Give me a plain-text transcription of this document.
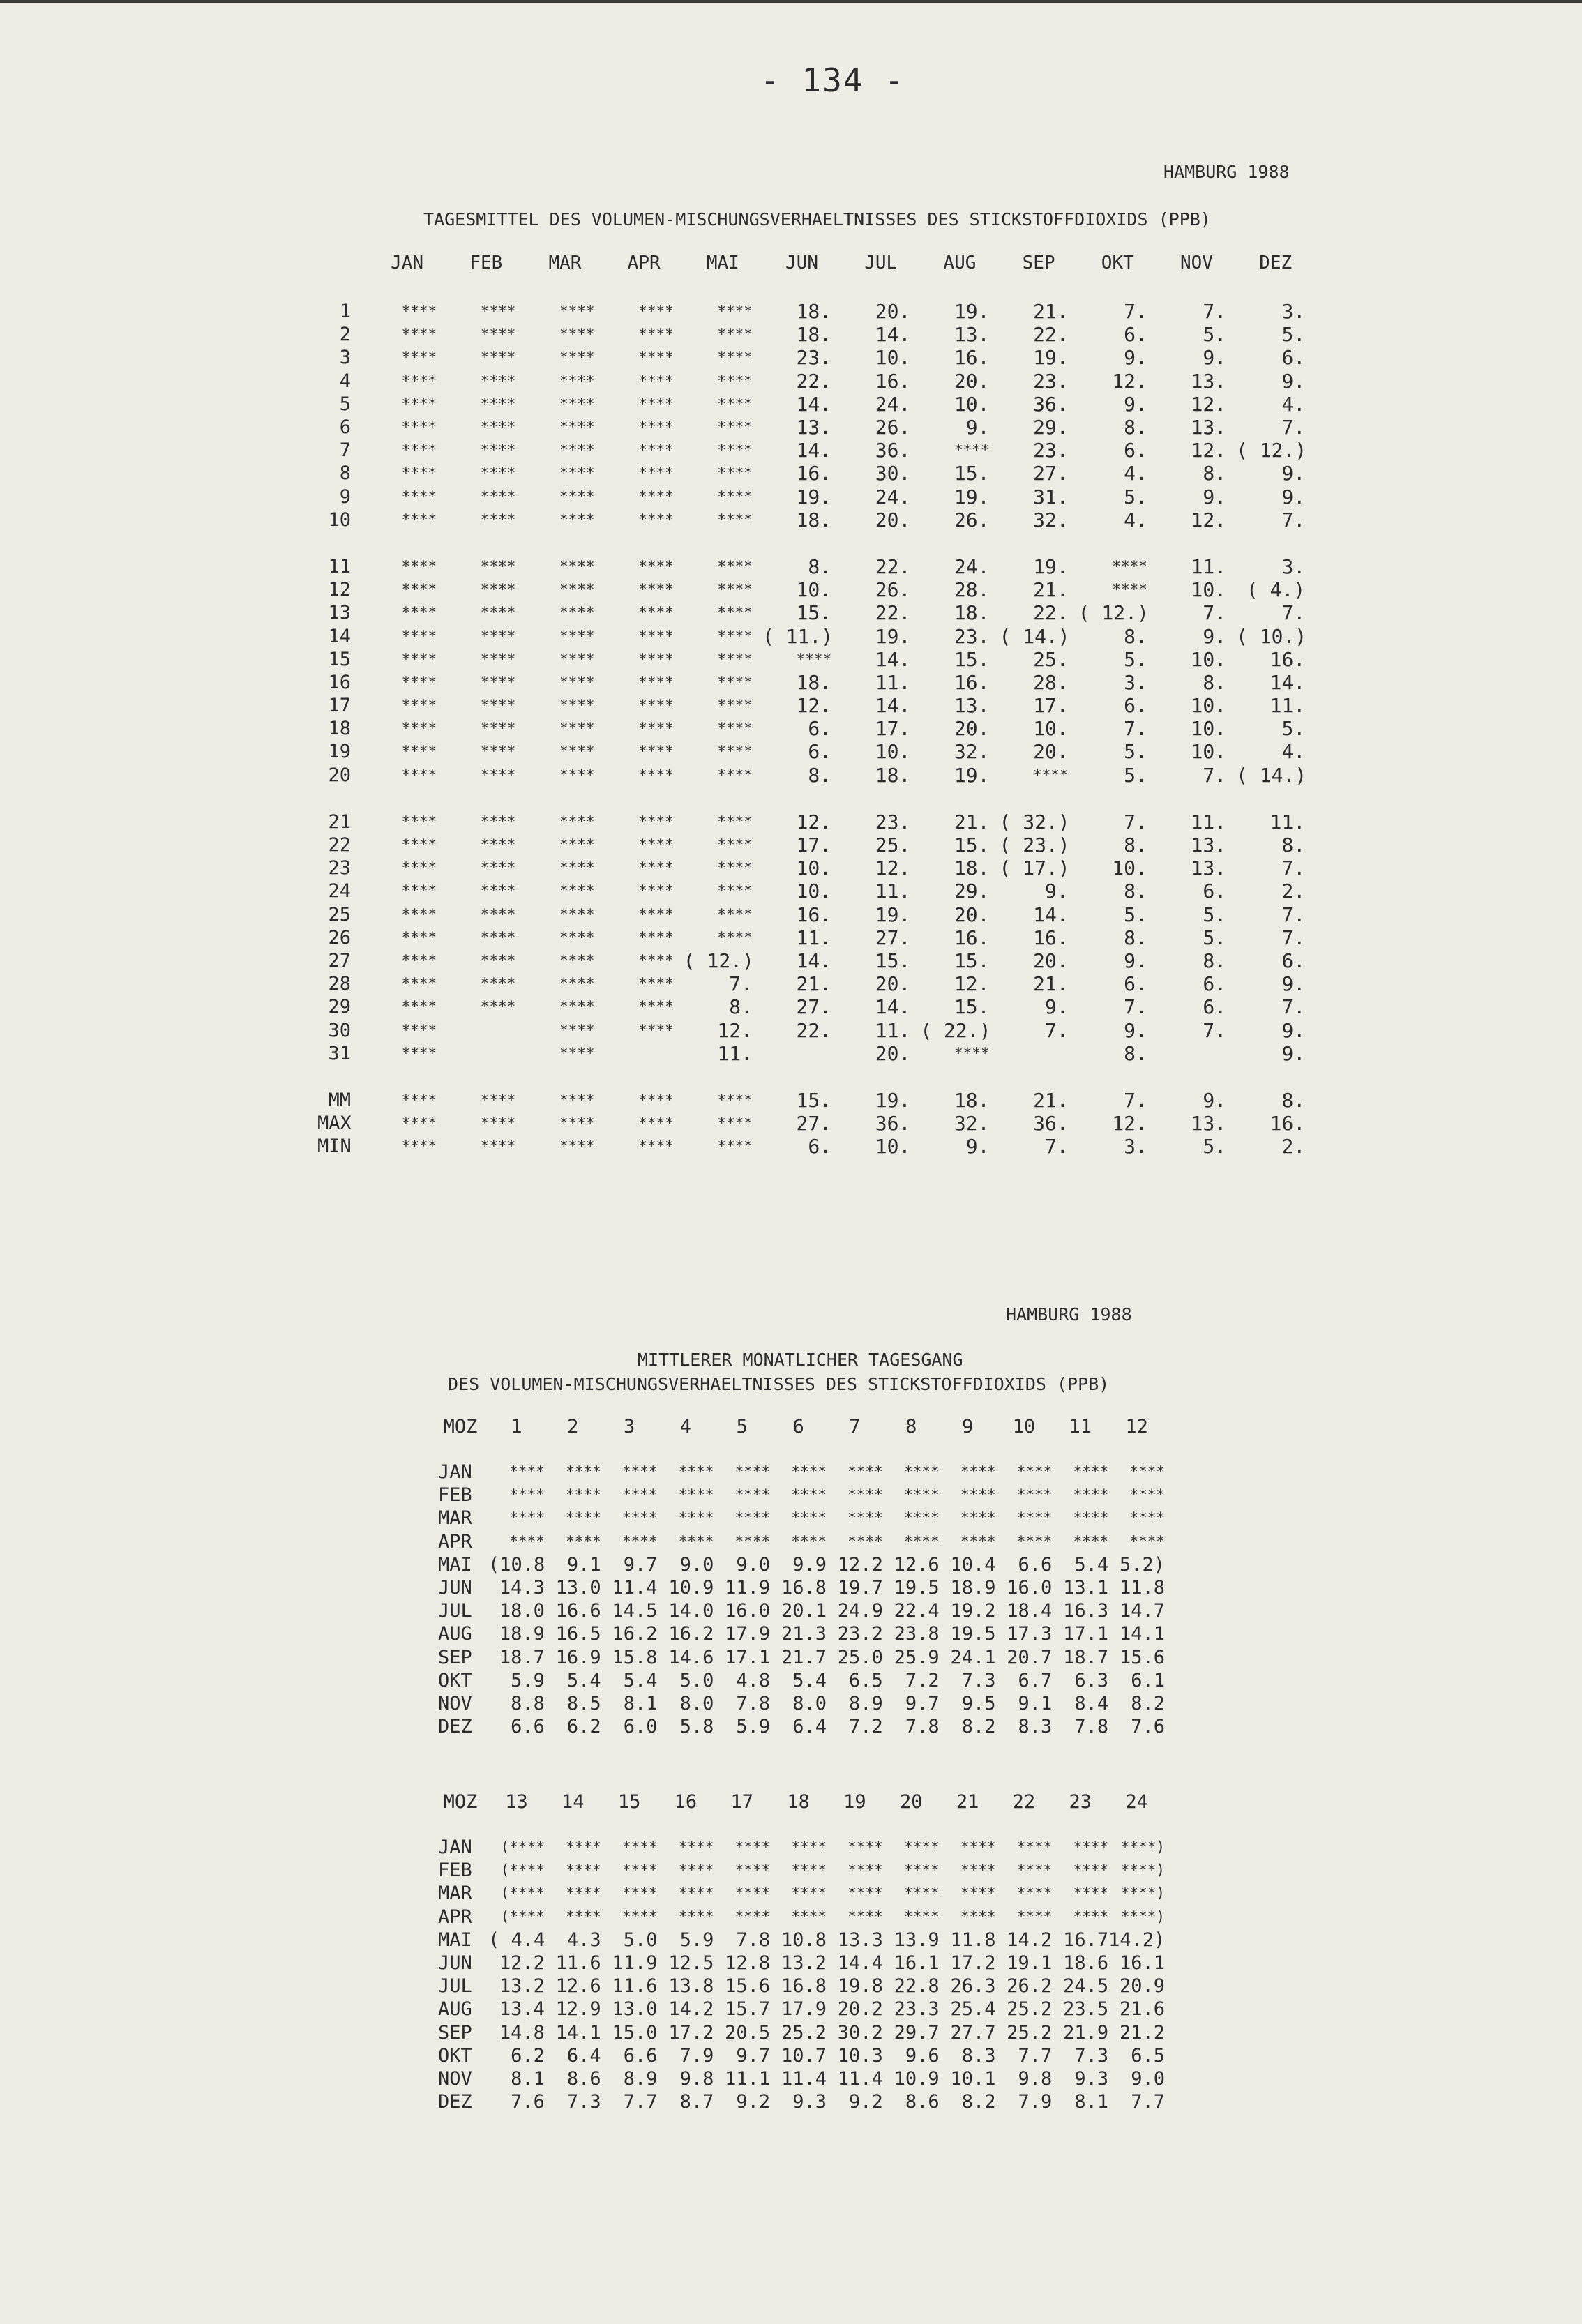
- 134 -
HAMBURG 1988
TAGESMITTEL DES VOLUMEN-MISCHUNGSVERHAELTNISSES DES STICKSTOFFDIOXIDS (PPB)
	JAN	FEB	MAR	APR	MAI	JUN	JUL	AUG	SEP	OKT	NOV	DEZ
1	****	****	****	****	****	18.	20.	19.	21.	7.	7.	3.
2	****	****	****	****	****	18.	14.	13.	22.	6.	5.	5.
3	****	****	****	****	****	23.	10.	16.	19.	9.	9.	6.
4	****	****	****	****	****	22.	16.	20.	23.	12.	13.	9.
5	****	****	****	****	****	14.	24.	10.	36.	9.	12.	4.
6	****	****	****	****	****	13.	26.	9.	29.	8.	13.	7.
7	****	****	****	****	****	14.	36.	****	23.	6.	12.	( 12.)
8	****	****	****	****	****	16.	30.	15.	27.	4.	8.	9.
9	****	****	****	****	****	19.	24.	19.	31.	5.	9.	9.
10	****	****	****	****	****	18.	20.	26.	32.	4.	12.	7.

11	****	****	****	****	****	8.	22.	24.	19.	****	11.	3.
12	****	****	****	****	****	10.	26.	28.	21.	****	10.	( 4.)
13	****	****	****	****	****	15.	22.	18.	22.	( 12.)	7.	7.
14	****	****	****	****	****	( 11.)	19.	23.	( 14.)	8.	9.	( 10.)
15	****	****	****	****	****	****	14.	15.	25.	5.	10.	16.
16	****	****	****	****	****	18.	11.	16.	28.	3.	8.	14.
17	****	****	****	****	****	12.	14.	13.	17.	6.	10.	11.
18	****	****	****	****	****	6.	17.	20.	10.	7.	10.	5.
19	****	****	****	****	****	6.	10.	32.	20.	5.	10.	4.
20	****	****	****	****	****	8.	18.	19.	****	5.	7.	( 14.)

21	****	****	****	****	****	12.	23.	21.	( 32.)	7.	11.	11.
22	****	****	****	****	****	17.	25.	15.	( 23.)	8.	13.	8.
23	****	****	****	****	****	10.	12.	18.	( 17.)	10.	13.	7.
24	****	****	****	****	****	10.	11.	29.	9.	8.	6.	2.
25	****	****	****	****	****	16.	19.	20.	14.	5.	5.	7.
26	****	****	****	****	****	11.	27.	16.	16.	8.	5.	7.
27	****	****	****	****	( 12.)	14.	15.	15.	20.	9.	8.	6.
28	****	****	****	****	7.	21.	20.	12.	21.	6.	6.	9.
29	****	****	****	****	8.	27.	14.	15.	9.	7.	6.	7.
30	****		****	****	12.	22.	11.	( 22.)	7.	9.	7.	9.
31	****		****		11.		20.	****		8.		9.

MM	****	****	****	****	****	15.	19.	18.	21.	7.	9.	8.
MAX	****	****	****	****	****	27.	36.	32.	36.	12.	13.	16.
MIN	****	****	****	****	****	6.	10.	9.	7.	3.	5.	2.
HAMBURG 1988
MITTLERER MONATLICHER TAGESGANG
DES VOLUMEN-MISCHUNGSVERHAELTNISSES DES STICKSTOFFDIOXIDS (PPB)
MOZ	1	2	3	4	5	6	7	8	9	10	11	12
JAN	****	****	****	****	****	****	****	****	****	****	****	****
FEB	****	****	****	****	****	****	****	****	****	****	****	****
MAR	****	****	****	****	****	****	****	****	****	****	****	****
APR	****	****	****	****	****	****	****	****	****	****	****	****
MAI	(10.8	9.1	9.7	9.0	9.0	9.9	12.2	12.6	10.4	6.6	5.4	5.2)
JUN	14.3	13.0	11.4	10.9	11.9	16.8	19.7	19.5	18.9	16.0	13.1	11.8
JUL	18.0	16.6	14.5	14.0	16.0	20.1	24.9	22.4	19.2	18.4	16.3	14.7
AUG	18.9	16.5	16.2	16.2	17.9	21.3	23.2	23.8	19.5	17.3	17.1	14.1
SEP	18.7	16.9	15.8	14.6	17.1	21.7	25.0	25.9	24.1	20.7	18.7	15.6
OKT	5.9	5.4	5.4	5.0	4.8	5.4	6.5	7.2	7.3	6.7	6.3	6.1
NOV	8.8	8.5	8.1	8.0	7.8	8.0	8.9	9.7	9.5	9.1	8.4	8.2
DEZ	6.6	6.2	6.0	5.8	5.9	6.4	7.2	7.8	8.2	8.3	7.8	7.6
MOZ	13	14	15	16	17	18	19	20	21	22	23	24
JAN	(****	****	****	****	****	****	****	****	****	****	****	****)
FEB	(****	****	****	****	****	****	****	****	****	****	****	****)
MAR	(****	****	****	****	****	****	****	****	****	****	****	****)
APR	(****	****	****	****	****	****	****	****	****	****	****	****)
MAI	( 4.4	4.3	5.0	5.9	7.8	10.8	13.3	13.9	11.8	14.2	16.7	14.2)
JUN	12.2	11.6	11.9	12.5	12.8	13.2	14.4	16.1	17.2	19.1	18.6	16.1
JUL	13.2	12.6	11.6	13.8	15.6	16.8	19.8	22.8	26.3	26.2	24.5	20.9
AUG	13.4	12.9	13.0	14.2	15.7	17.9	20.2	23.3	25.4	25.2	23.5	21.6
SEP	14.8	14.1	15.0	17.2	20.5	25.2	30.2	29.7	27.7	25.2	21.9	21.2
OKT	6.2	6.4	6.6	7.9	9.7	10.7	10.3	9.6	8.3	7.7	7.3	6.5
NOV	8.1	8.6	8.9	9.8	11.1	11.4	11.4	10.9	10.1	9.8	9.3	9.0
DEZ	7.6	7.3	7.7	8.7	9.2	9.3	9.2	8.6	8.2	7.9	8.1	7.7
